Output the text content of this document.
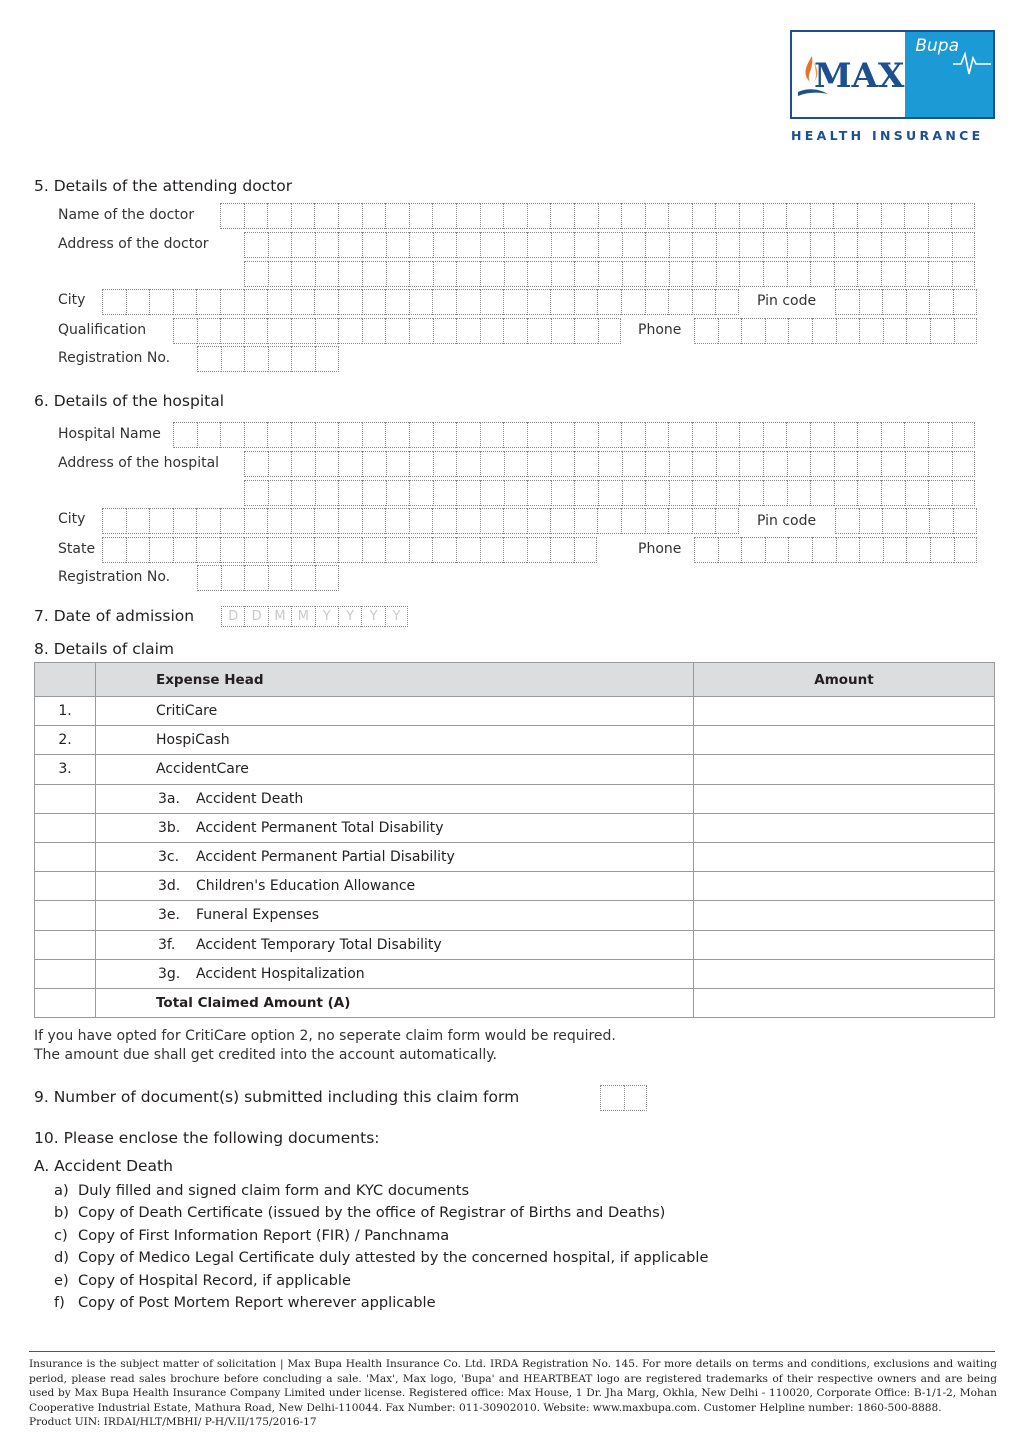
Bupa
MAX
HEALTH INSURANCE
5. Details of the attending doctor
Name of the doctor
Address of the doctor
City	Pin code
Qualification	Phone
Registration No.
6. Details of the hospital
Hospital Name
Address of the hospital
City	Pin code
State	Phone
Registration No.
7. Date of admission	D	D M M	Y	Y	Y	Y
8. Details of claim
	Expense Head	Amount
1.	CritiCare	
2.	HospiCash	
3.	AccidentCare	
	3a. Accident Death	
	3b. Accident Permanent Total Disability	
	3c. Accident Permanent Partial Disability	
	3d. Children's Education Allowance	
	3e. Funeral Expenses	
	3f. Accident Temporary Total Disability	
	3g. Accident Hospitalization	
	Total Claimed Amount (A)	
If you have opted for CritiCare option 2, no seperate claim form would be required.
The amount due shall get credited into the account automatically.
9. Number of document(s) submitted including this claim form
10. Please enclose the following documents:
A. Accident Death
a) Duly filled and signed claim form and KYC documents
b) Copy of Death Certificate (issued by the office of Registrar of Births and Deaths)
c) Copy of First Information Report (FIR) / Panchnama
d) Copy of Medico Legal Certificate duly attested by the concerned hospital, if applicable
e) Copy of Hospital Record, if applicable
f) Copy of Post Mortem Report wherever applicable
Insurance is the subject matter of solicitation | Max Bupa Health Insurance Co. Ltd. IRDA Registration No. 145. For more details on terms and conditions, exclusions and waiting period, please read sales brochure before concluding a sale. 'Max', Max logo, 'Bupa' and HEARTBEAT logo are registered trademarks of their respective owners and are being used by Max Bupa Health Insurance Company Limited under license. Registered office: Max House, 1 Dr. Jha Marg, Okhla, New Delhi - 110020, Corporate Office: B-1/1-2, Mohan Cooperative Industrial Estate, Mathura Road, New Delhi-110044. Fax Number: 011-30902010. Website: www.maxbupa.com. Customer Helpline number: 1860-500-8888.
Product UIN: IRDAI/HLT/MBHI/ P-H/V.II/175/2016-17
